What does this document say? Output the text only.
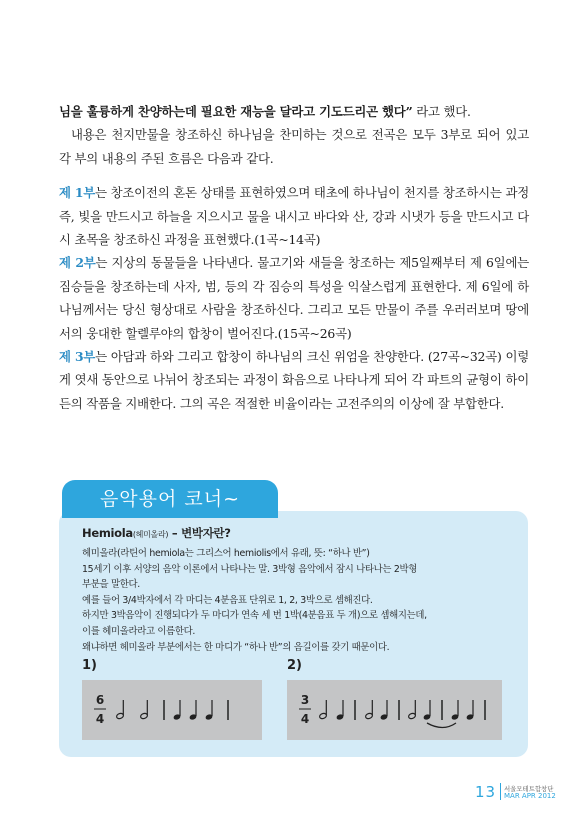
님을 훌륭하게 찬양하는데 필요한 재능을 달라고 기도드리곤 했다” 라고 했다.

내용은 천지만물을 창조하신 하나님을 찬미하는 것으로 전곡은 모두 3부로 되어 있고 각 부의 내용의 주된 흐름은 다음과 같다.

제 1부는 창조이전의 혼돈 상태를 표현하였으며 태초에 하나님이 천지를 창조하시는 과정 즉, 빛을 만드시고 하늘을 지으시고 물을 내시고 바다와 산, 강과 시냇가 등을 만드시고 다시 초목을 창조하신 과정을 표현했다.(1곡~14곡)

제 2부는 지상의 동물들을 나타낸다. 물고기와 새들을 창조하는 제5일째부터 제 6일에는 짐승들을 창조하는데 사자, 범, 등의 각 짐승의 특성을 익살스럽게 표현한다. 제 6일에 하나님께서는 당신 형상대로 사람을 창조하신다. 그리고 모든 만물이 주를 우러러보며 땅에서의 웅대한 할렐루야의 합창이 벌어진다.(15곡~26곡)

제 3부는 아담과 하와 그리고 합창이 하나님의 크신 위엄을 찬양한다. (27곡~32곡) 이렇게 엿새 동안으로 나뉘어 창조되는 과정이 화음으로 나타나게 되어 각 파트의 균형이 하이든의 작품을 지배한다. 그의 곡은 적절한 비율이라는 고전주의의 이상에 잘 부합한다.

음악용어 코너~
Hemiola(헤미올라) – 변박자란?
헤미올라(라틴어 hemiola는 그리스어 hemiolis에서 유래, 뜻: “하나 반”)
15세기 이후 서양의 음악 이론에서 나타나는 말. 3박형 음악에서 잠시 나타나는 2박형
부분을 말한다.
예를 들어 3/4박자에서 각 마디는 4분음표 단위로 1, 2, 3박으로 셈해진다.
하지만 3박음악이 진행되다가 두 마디가 연속 세 번 1박(4분음표 두 개)으로 셈해지는데,
이를 헤미올라라고 이름한다.
왜냐하면 헤미올라 부분에서는 한 마디가 “하나 반”의 음길이를 갖기 때문이다.
1)
6
4
2)
3
4
13 서울모테트합창단
MAR APR 2012
